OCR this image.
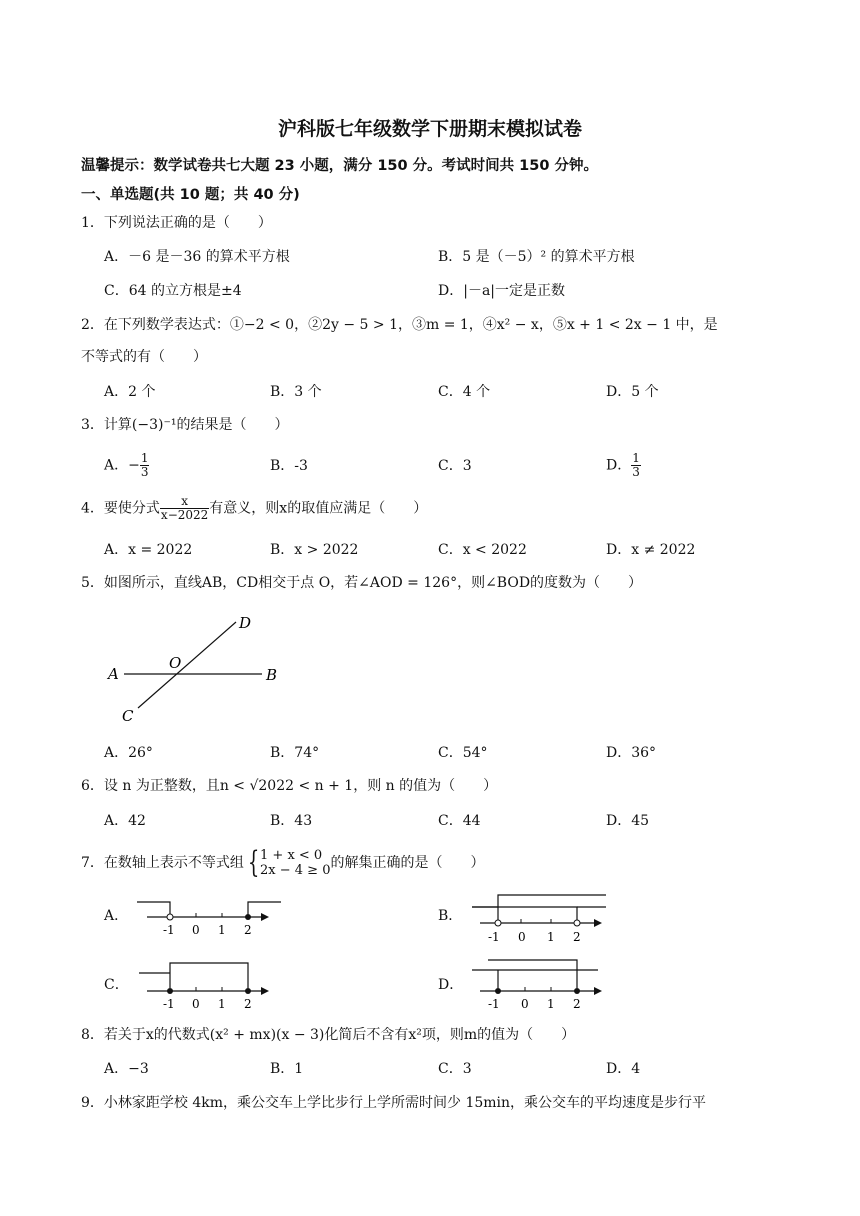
沪科版七年级数学下册期末模拟试卷
温馨提示：数学试卷共七大题 23 小题，满分 150 分。考试时间共 150 分钟。
一、单选题(共 10 题；共 40 分)
1．下列说法正确的是（　　）
A．－6 是－36 的算术平方根	B．5 是（－5）² 的算术平方根
C．64 的立方根是±4	D．|－a|一定是正数
2．在下列数学表达式：①−2 < 0，②2y − 5 > 1，③m = 1，④x² − x，⑤x + 1 < 2x − 1 中，是
不等式的有（　　）
A．2 个	B．3 个	C．4 个	D．5 个
3．计算(−3)⁻¹的结果是（　　）
A．− $\frac{1}{3}$	B．-3	C．3	D． $\frac{1}{3}$
4．要使分式 $\frac{x}{x-2022}$ 有意义，则x的取值应满足（　　）
A．x = 2022	B．x > 2022	C．x < 2022	D．x ≠ 2022
5．如图所示，直线AB，CD相交于点 O，若∠AOD = 126°，则∠BOD的度数为（　　）
A	B
C
D
O
A．26°	B．74°	C．54°	D．36°
6．设 n 为正整数，且n < √2022 < n + 1，则 n 的值为（　　）
A．42	B．43	C．44	D．45
7．在数轴上表示不等式组 { 1 + x < 0
2x − 4 ≥ 0 的解集正确的是（　　）
A．
-1 0 1 2
B．
-1 0 1 2
C．
-1 0 1 2
D．
-1 0 1 2
8．若关于x的代数式(x² + mx)(x − 3)化简后不含有x²项，则m的值为（　　）
A．−3	B．1	C．3	D．4
9．小林家距学校 4km，乘公交车上学比步行上学所需时间少 15min，乘公交车的平均速度是步行平
